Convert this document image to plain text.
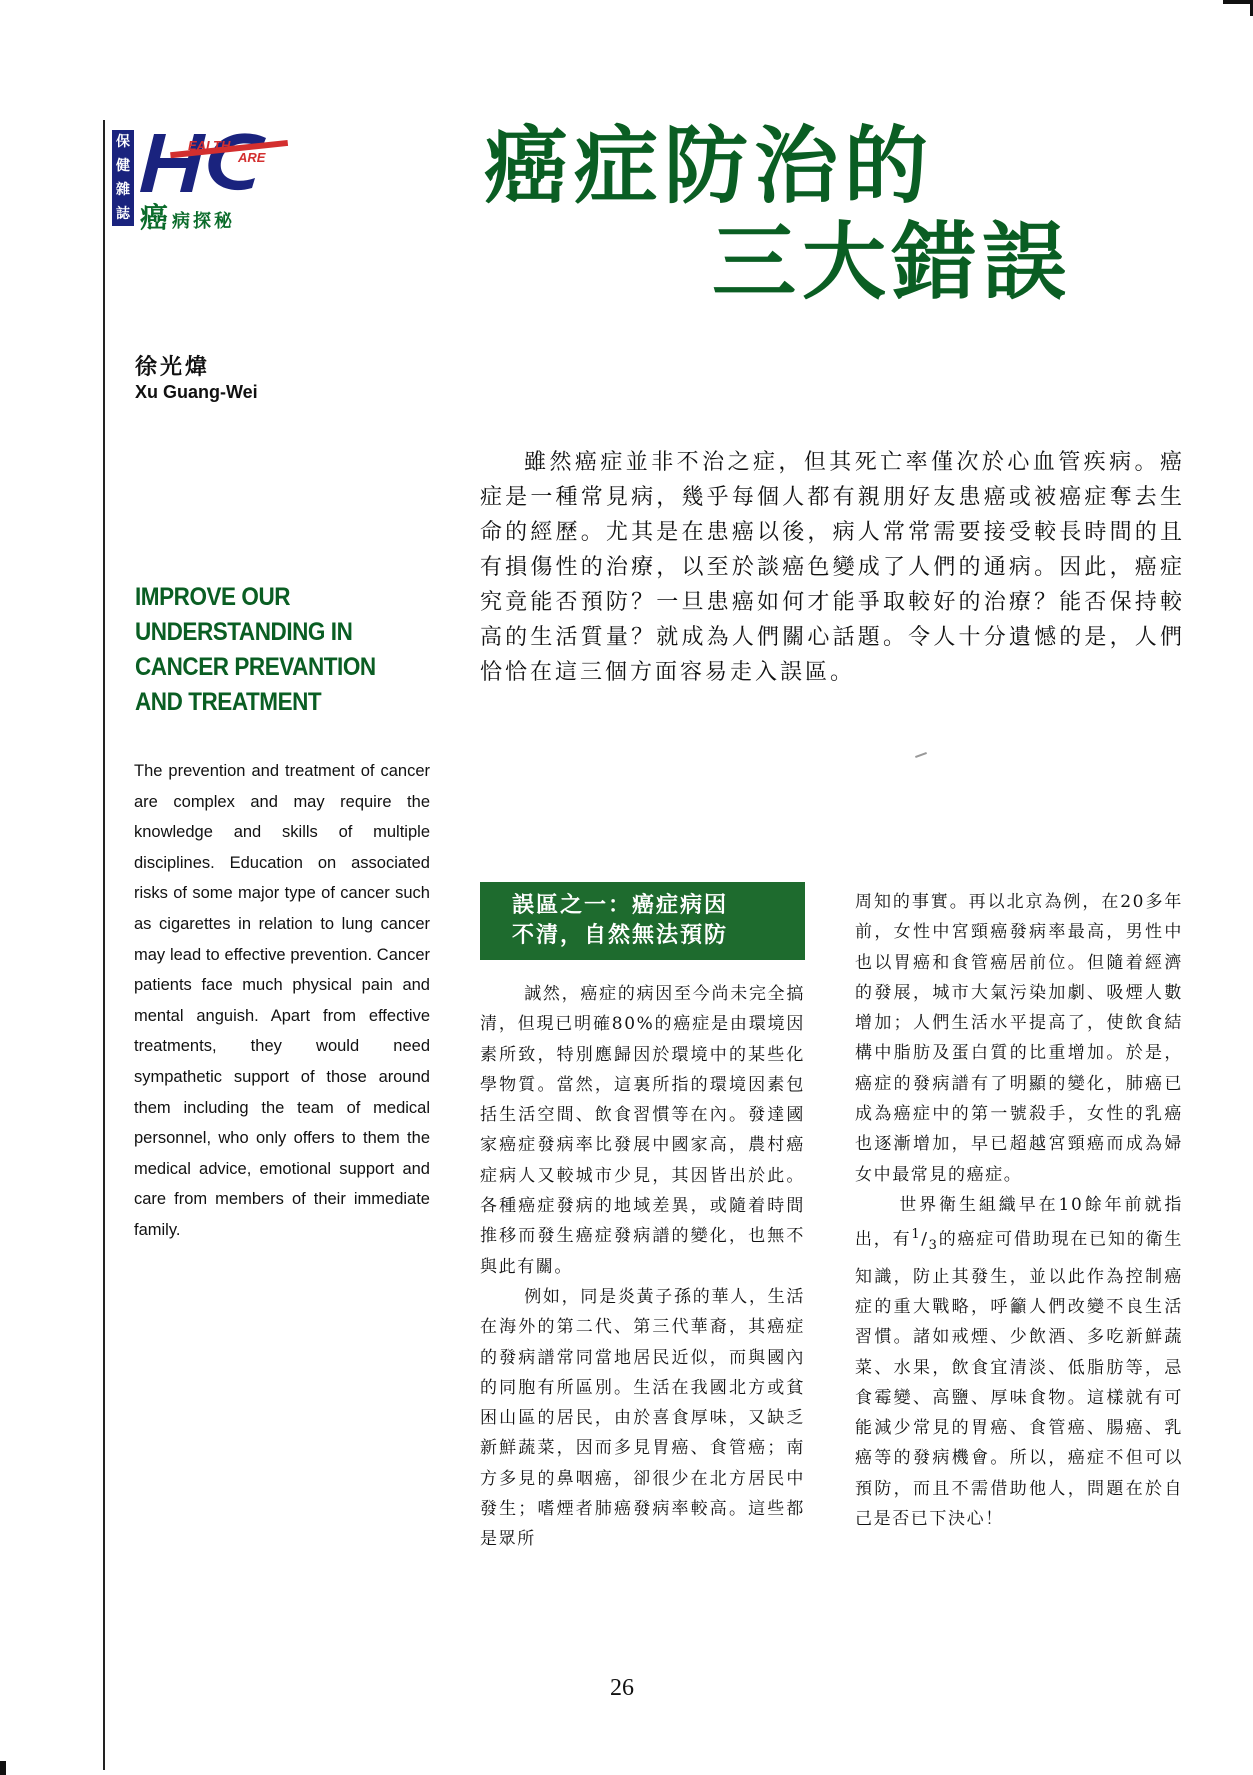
保
健
雜
誌
EALTH
ARE
癌病探秘
癌症防治的
三大錯誤
徐光煒
Xu Guang-Wei

雖然癌症並非不治之症，但其死亡率僅次於心血管疾病。癌症是一種常見病，幾乎每個人都有親朋好友患癌或被癌症奪去生命的經歷。尤其是在患癌以後，病人常常需要接受較長時間的且有損傷性的治療，以至於談癌色變成了人們的通病。因此，癌症究竟能否預防？一旦患癌如何才能爭取較好的治療？能否保持較高的生活質量？就成為人們關心話題。令人十分遺憾的是，人們恰恰在這三個方面容易走入誤區。

IMPROVE OUR UNDERSTANDING IN CANCER PREVANTION AND TREATMENT

The prevention and treatment of cancer are complex and may require the knowledge and skills of multiple disciplines. Education on associated risks of some major type of cancer such as cigarettes in relation to lung cancer may lead to effective prevention. Cancer patients face much physical pain and mental anguish. Apart from effective treatments, they would need sympathetic support of those around them including the team of medical personnel, who only offers to them the medical advice, emotional support and care from members of their immediate family.

誤區之一：癌症病因
不清，自然無法預防

誠然，癌症的病因至今尚未完全搞清，但現已明確80%的癌症是由環境因素所致，特別應歸因於環境中的某些化學物質。當然，這裏所指的環境因素包括生活空間、飲食習慣等在內。發達國家癌症發病率比發展中國家高，農村癌症病人又較城市少見，其因皆出於此。各種癌症發病的地域差異，或隨着時間推移而發生癌症發病譜的變化，也無不與此有關。

例如，同是炎黃子孫的華人，生活在海外的第二代、第三代華裔，其癌症的發病譜常同當地居民近似，而與國內的同胞有所區別。生活在我國北方或貧困山區的居民，由於喜食厚味，又缺乏新鮮蔬菜，因而多見胃癌、食管癌；南方多見的鼻咽癌，卻很少在北方居民中發生；嗜煙者肺癌發病率較高。這些都是眾所

周知的事實。再以北京為例，在20多年前，女性中宮頸癌發病率最高，男性中也以胃癌和食管癌居前位。但隨着經濟的發展，城市大氣污染加劇、吸煙人數增加；人們生活水平提高了，使飲食結構中脂肪及蛋白質的比重增加。於是，癌症的發病譜有了明顯的變化，肺癌已成為癌症中的第一號殺手，女性的乳癌也逐漸增加，早已超越宮頸癌而成為婦女中最常見的癌症。

世界衛生組織早在10餘年前就指出，有$^1/_3$的癌症可借助現在已知的衛生知識，防止其發生，並以此作為控制癌症的重大戰略，呼籲人們改變不良生活習慣。諸如戒煙、少飲酒、多吃新鮮蔬菜、水果，飲食宜清淡、低脂肪等，忌食霉變、高鹽、厚味食物。這樣就有可能減少常見的胃癌、食管癌、腸癌、乳癌等的發病機會。所以，癌症不但可以預防，而且不需借助他人，問題在於自己是否已下決心！

26
